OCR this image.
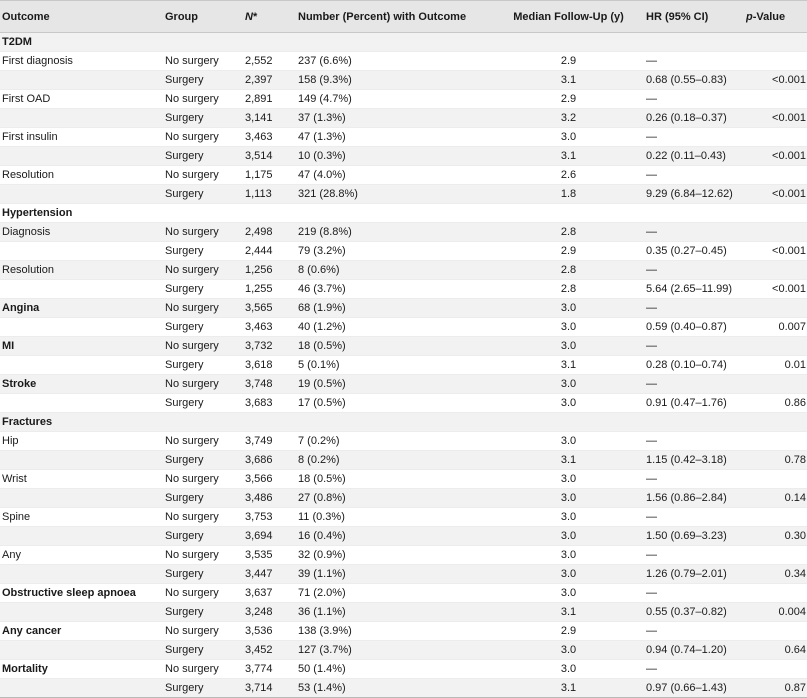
Outcome	Group	N*	Number (Percent) with Outcome	Median Follow-Up (y)	HR (95% CI)	p-Value
T2DM						
First diagnosis	No surgery	2,552	237 (6.6%)	2.9	—	
	Surgery	2,397	158 (9.3%)	3.1	0.68 (0.55–0.83)	<0.001
First OAD	No surgery	2,891	149 (4.7%)	2.9	—	
	Surgery	3,141	37 (1.3%)	3.2	0.26 (0.18–0.37)	<0.001
First insulin	No surgery	3,463	47 (1.3%)	3.0	—	
	Surgery	3,514	10 (0.3%)	3.1	0.22 (0.11–0.43)	<0.001
Resolution	No surgery	1,175	47 (4.0%)	2.6	—	
	Surgery	1,113	321 (28.8%)	1.8	9.29 (6.84–12.62)	<0.001
Hypertension						
Diagnosis	No surgery	2,498	219 (8.8%)	2.8	—	
	Surgery	2,444	79 (3.2%)	2.9	0.35 (0.27–0.45)	<0.001
Resolution	No surgery	1,256	8 (0.6%)	2.8	—	
	Surgery	1,255	46 (3.7%)	2.8	5.64 (2.65–11.99)	<0.001
Angina	No surgery	3,565	68 (1.9%)	3.0	—	
	Surgery	3,463	40 (1.2%)	3.0	0.59 (0.40–0.87)	0.007
MI	No surgery	3,732	18 (0.5%)	3.0	—	
	Surgery	3,618	5 (0.1%)	3.1	0.28 (0.10–0.74)	0.01
Stroke	No surgery	3,748	19 (0.5%)	3.0	—	
	Surgery	3,683	17 (0.5%)	3.0	0.91 (0.47–1.76)	0.86
Fractures						
Hip	No surgery	3,749	7 (0.2%)	3.0	—	
	Surgery	3,686	8 (0.2%)	3.1	1.15 (0.42–3.18)	0.78
Wrist	No surgery	3,566	18 (0.5%)	3.0	—	
	Surgery	3,486	27 (0.8%)	3.0	1.56 (0.86–2.84)	0.14
Spine	No surgery	3,753	11 (0.3%)	3.0	—	
	Surgery	3,694	16 (0.4%)	3.0	1.50 (0.69–3.23)	0.30
Any	No surgery	3,535	32 (0.9%)	3.0	—	
	Surgery	3,447	39 (1.1%)	3.0	1.26 (0.79–2.01)	0.34
Obstructive sleep apnoea	No surgery	3,637	71 (2.0%)	3.0	—	
	Surgery	3,248	36 (1.1%)	3.1	0.55 (0.37–0.82)	0.004
Any cancer	No surgery	3,536	138 (3.9%)	2.9	—	
	Surgery	3,452	127 (3.7%)	3.0	0.94 (0.74–1.20)	0.64
Mortality	No surgery	3,774	50 (1.4%)	3.0	—	
	Surgery	3,714	53 (1.4%)	3.1	0.97 (0.66–1.43)	0.87
